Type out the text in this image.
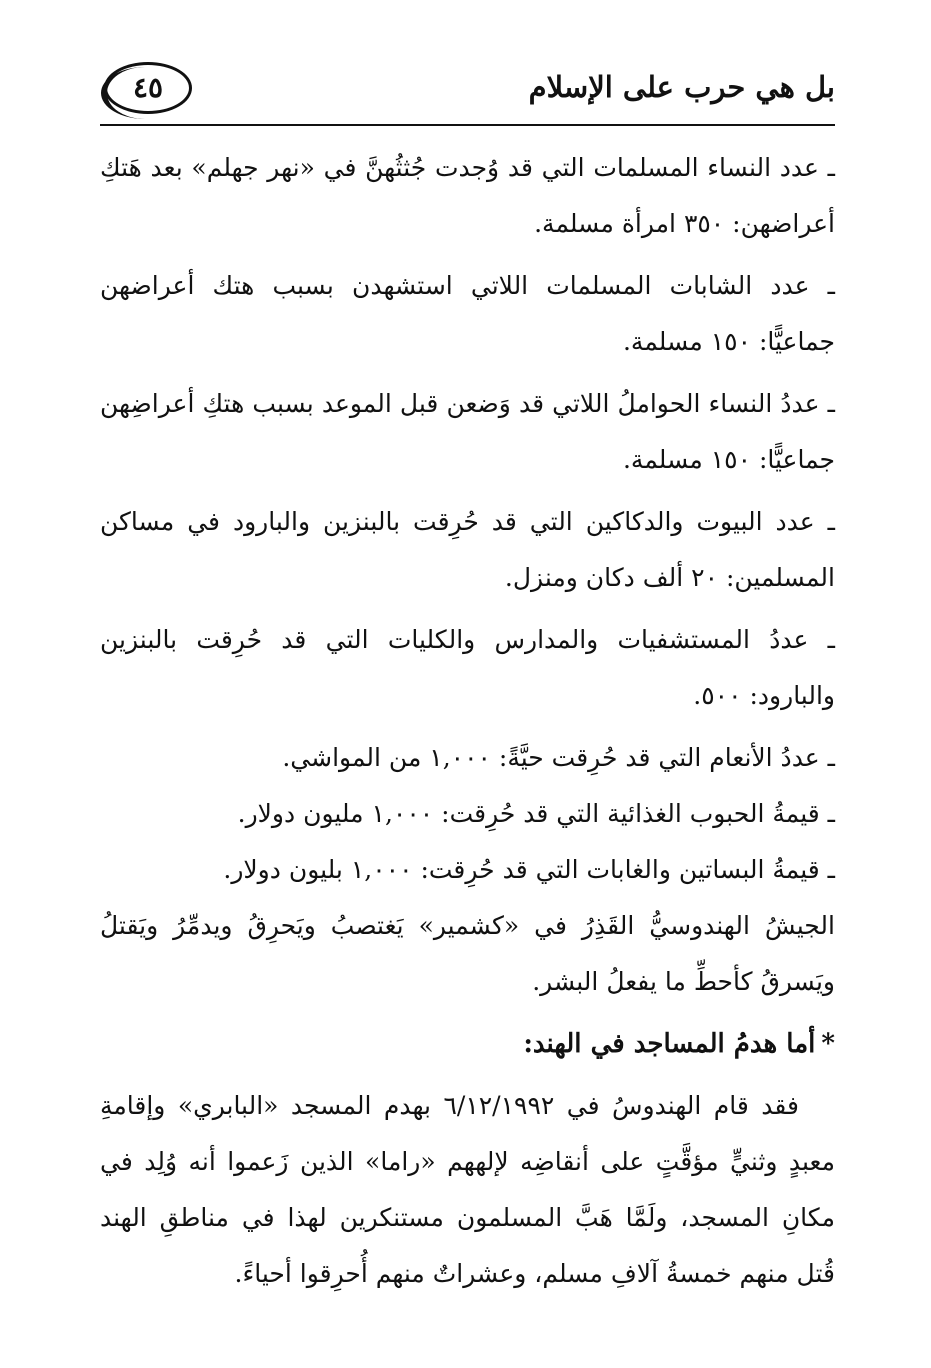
بل هي حرب على الإسلام
٤٥

ـ عدد النساء المسلمات التي قد وُجدت جُثثُهنَّ في «نهر جهلم» بعد هَتكِ أعراضهن: ٣٥٠ امرأة مسلمة.

ـ عدد الشابات المسلمات اللاتي استشهدن بسبب هتك أعراضهن جماعيًّا: ١٥٠ مسلمة.

ـ عددُ النساء الحواملُ اللاتي قد وَضعن قبل الموعد بسبب هتكِ أعراضِهن جماعيًّا: ١٥٠ مسلمة.

ـ عدد البيوت والدكاكين التي قد حُرِقت بالبنزين والبارود في مساكن المسلمين: ٢٠ ألف دكان ومنزل.

ـ عددُ المستشفيات والمدارس والكليات التي قد حُرِقت بالبنزين والبارود: ٥٠٠.

ـ عددُ الأنعام التي قد حُرِقت حيَّةً: ١,٠٠٠ من المواشي.

ـ قيمةُ الحبوب الغذائية التي قد حُرِقت: ١,٠٠٠ مليون دولار.

ـ قيمةُ البساتين والغابات التي قد حُرِقت: ١,٠٠٠ بليون دولار.

الجيشُ الهندوسيُّ القَذِرُ في «كشمير» يَغتصبُ ويَحرِقُ ويدمِّرُ ويَقتلُ ويَسرقُ كأحطِّ ما يفعلُ البشر.

*أما هدمُ المساجد في الهند:

فقد قام الهندوسُ في ٦/١٢/١٩٩٢ بهدم المسجد «البابري» وإقامةِ معبدٍ وثنيٍّ مؤقَّتٍ على أنقاضِه لإلههم «راما» الذين زَعموا أنه وُلِد في مكانِ المسجد، ولَمَّا هَبَّ المسلمون مستنكرين لهذا في مناطقِ الهند قُتل منهم خمسةُ آلافِ مسلم، وعشراتٌ منهم أُحرِقوا أحياءً.
